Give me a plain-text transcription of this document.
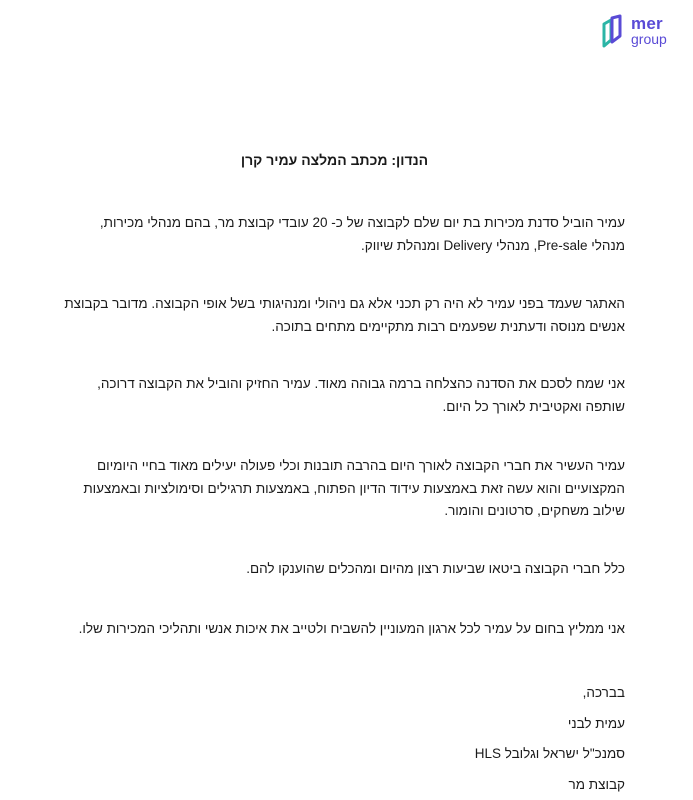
mer
group
הנדון: מכתב המלצה עמיר קרן
עמיר הוביל סדנת מכירות בת יום שלם לקבוצה של כ- 20 עובדי קבוצת מר, בהם מנהלי מכירות,
מנהלי Pre-sale, מנהלי Delivery ומנהלת שיווק.
האתגר שעמד בפני עמיר לא היה רק תכני אלא גם ניהולי ומנהיגותי בשל אופי הקבוצה. מדובר בקבוצת
אנשים מנוסה ודעתנית שפעמים רבות מתקיימים מתחים בתוכה.
אני שמח לסכם את הסדנה כהצלחה ברמה גבוהה מאוד. עמיר החזיק והוביל את הקבוצה דרוכה,
שותפה ואקטיבית לאורך כל היום.
עמיר העשיר את חברי הקבוצה לאורך היום בהרבה תובנות וכלי פעולה יעילים מאוד בחיי היומיום
המקצועיים והוא עשה זאת באמצעות עידוד הדיון הפתוח, באמצעות תרגילים וסימולציות ובאמצעות
שילוב משחקים, סרטונים והומור.
כלל חברי הקבוצה ביטאו שביעות רצון מהיום ומהכלים שהוענקו להם.
אני ממליץ בחום על עמיר לכל ארגון המעוניין להשביח ולטייב את איכות אנשי ותהליכי המכירות שלו.
בברכה,
עמית לבני
סמנכ"ל ישראל וגלובל HLS
קבוצת מר
